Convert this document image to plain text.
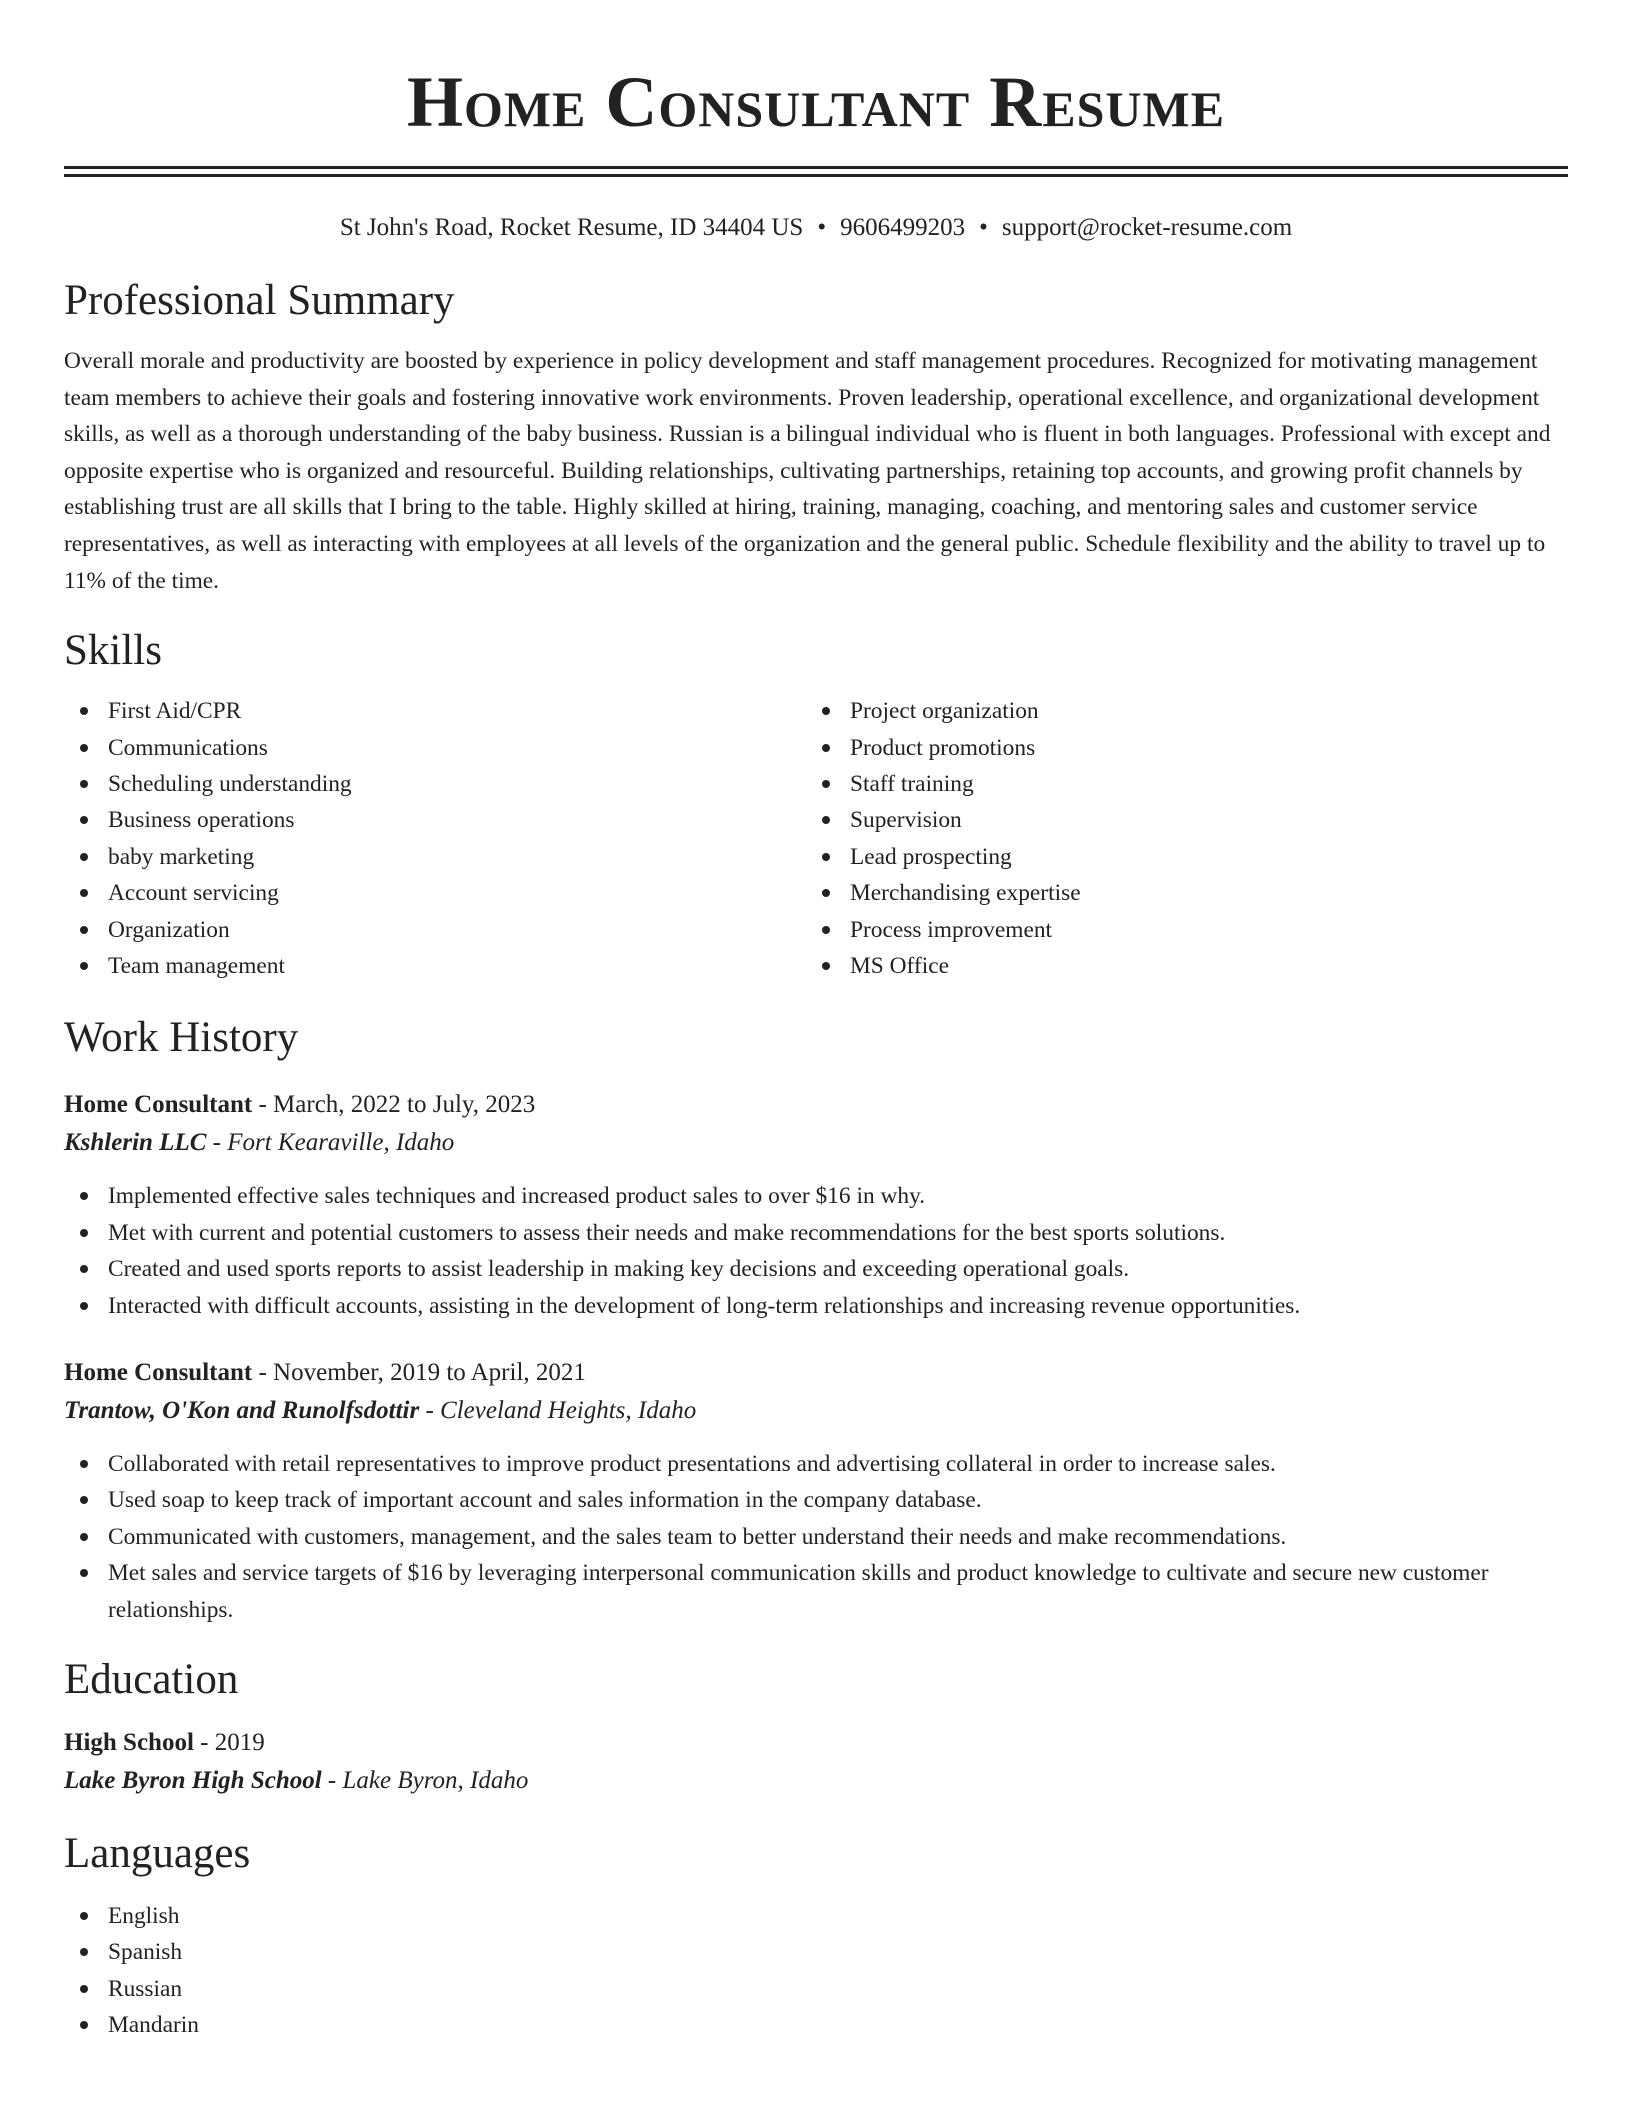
Home Consultant Resume
St John's Road, Rocket Resume, ID 34404 US • 9606499203 • support@rocket-resume.com
Professional Summary
Overall morale and productivity are boosted by experience in policy development and staff management procedures. Recognized for motivating management team members to achieve their goals and fostering innovative work environments. Proven leadership, operational excellence, and organizational development skills, as well as a thorough understanding of the baby business. Russian is a bilingual individual who is fluent in both languages. Professional with except and opposite expertise who is organized and resourceful. Building relationships, cultivating partnerships, retaining top accounts, and growing profit channels by establishing trust are all skills that I bring to the table. Highly skilled at hiring, training, managing, coaching, and mentoring sales and customer service representatives, as well as interacting with employees at all levels of the organization and the general public. Schedule flexibility and the ability to travel up to 11% of the time.
Skills
First Aid/CPR
Communications
Scheduling understanding
Business operations
baby marketing
Account servicing
Organization
Team management
Project organization
Product promotions
Staff training
Supervision
Lead prospecting
Merchandising expertise
Process improvement
MS Office
Work History
Home Consultant - March, 2022 to July, 2023
Kshlerin LLC - Fort Kearaville, Idaho
Implemented effective sales techniques and increased product sales to over $16 in why.
Met with current and potential customers to assess their needs and make recommendations for the best sports solutions.
Created and used sports reports to assist leadership in making key decisions and exceeding operational goals.
Interacted with difficult accounts, assisting in the development of long-term relationships and increasing revenue opportunities.
Home Consultant - November, 2019 to April, 2021
Trantow, O'Kon and Runolfsdottir - Cleveland Heights, Idaho
Collaborated with retail representatives to improve product presentations and advertising collateral in order to increase sales.
Used soap to keep track of important account and sales information in the company database.
Communicated with customers, management, and the sales team to better understand their needs and make recommendations.
Met sales and service targets of $16 by leveraging interpersonal communication skills and product knowledge to cultivate and secure new customer relationships.
Education
High School - 2019
Lake Byron High School - Lake Byron, Idaho
Languages
English
Spanish
Russian
Mandarin
